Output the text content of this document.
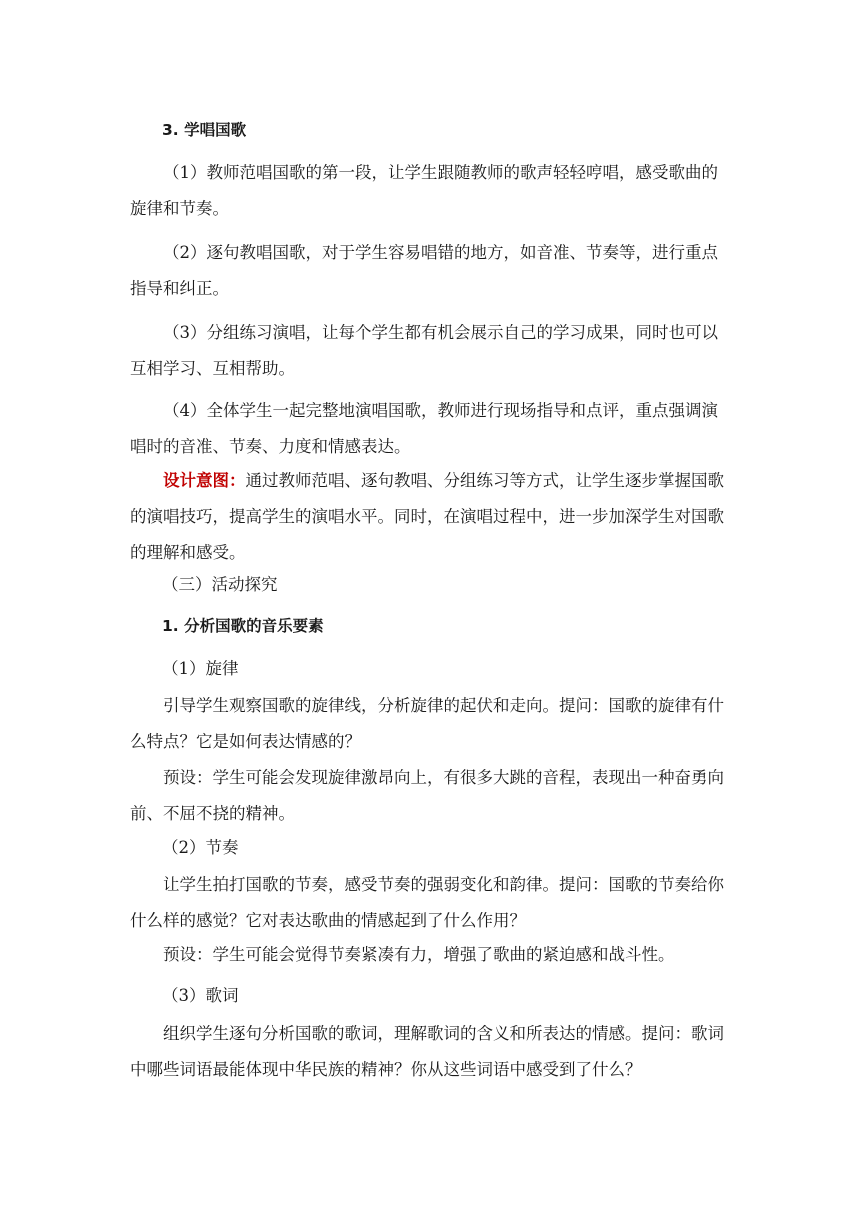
3. 学唱国歌

（1）教师范唱国歌的第一段，让学生跟随教师的歌声轻轻哼唱，感受歌曲的旋律和节奏。

（2）逐句教唱国歌，对于学生容易唱错的地方，如音准、节奏等，进行重点指导和纠正。

（3）分组练习演唱，让每个学生都有机会展示自己的学习成果，同时也可以互相学习、互相帮助。

（4）全体学生一起完整地演唱国歌，教师进行现场指导和点评，重点强调演唱时的音准、节奏、力度和情感表达。

设计意图：通过教师范唱、逐句教唱、分组练习等方式，让学生逐步掌握国歌的演唱技巧，提高学生的演唱水平。同时，在演唱过程中，进一步加深学生对国歌的理解和感受。

（三）活动探究

1. 分析国歌的音乐要素

（1）旋律

引导学生观察国歌的旋律线，分析旋律的起伏和走向。提问：国歌的旋律有什么特点？它是如何表达情感的？

预设：学生可能会发现旋律激昂向上，有很多大跳的音程，表现出一种奋勇向前、不屈不挠的精神。

（2）节奏

让学生拍打国歌的节奏，感受节奏的强弱变化和韵律。提问：国歌的节奏给你什么样的感觉？它对表达歌曲的情感起到了什么作用？

预设：学生可能会觉得节奏紧凑有力，增强了歌曲的紧迫感和战斗性。

（3）歌词

组织学生逐句分析国歌的歌词，理解歌词的含义和所表达的情感。提问：歌词中哪些词语最能体现中华民族的精神？你从这些词语中感受到了什么？
